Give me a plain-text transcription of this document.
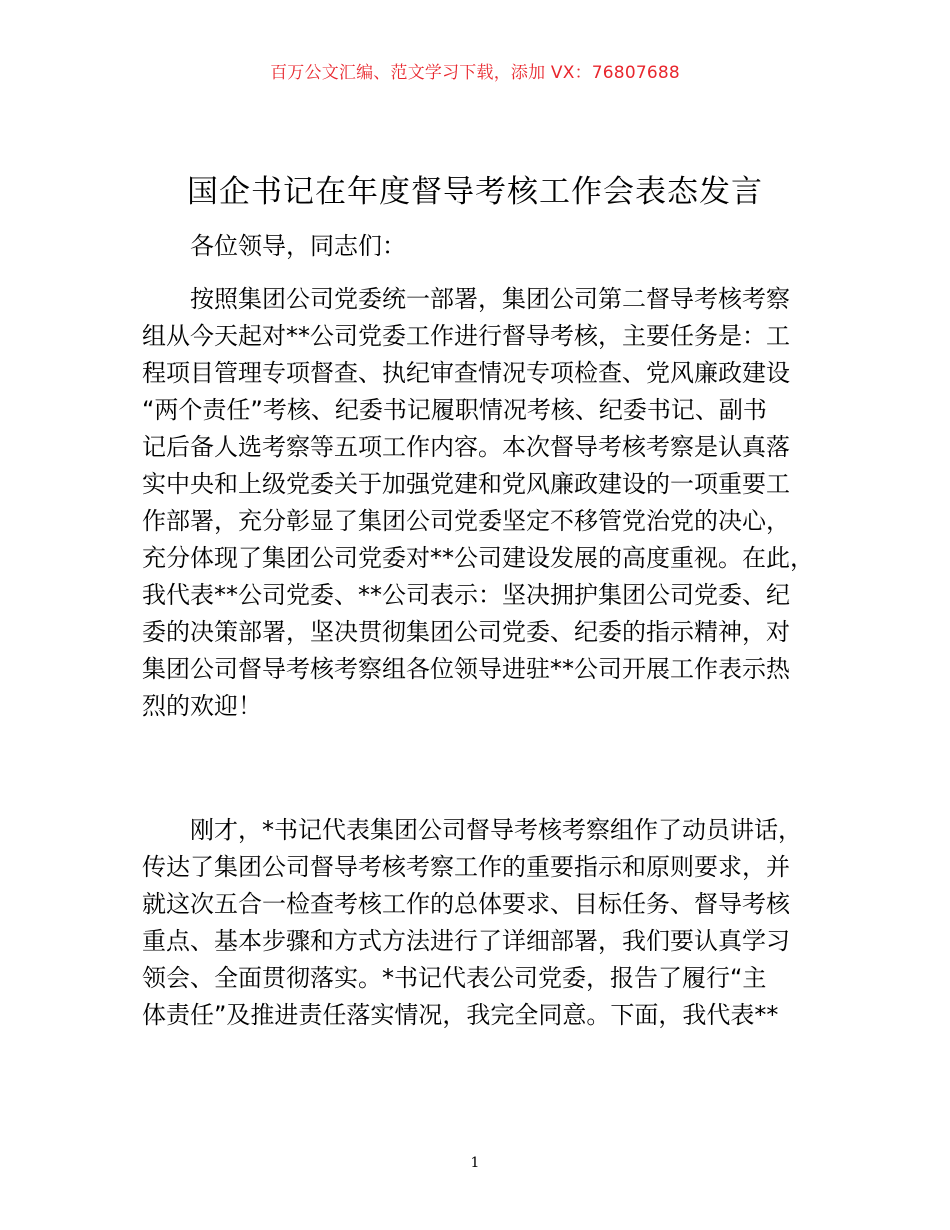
百万公文汇编、范文学习下载，添加 VX：76807688
国企书记在年度督导考核工作会表态发言
各位领导，同志们：
按照集团公司党委统一部署，集团公司第二督导考核考察
组从今天起对**公司党委工作进行督导考核，主要任务是：工
程项目管理专项督查、执纪审查情况专项检查、党风廉政建设
“两个责任”考核、纪委书记履职情况考核、纪委书记、副书
记后备人选考察等五项工作内容。本次督导考核考察是认真落
实中央和上级党委关于加强党建和党风廉政建设的一项重要工
作部署，充分彰显了集团公司党委坚定不移管党治党的决心，
充分体现了集团公司党委对**公司建设发展的高度重视。在此，
我代表**公司党委、**公司表示：坚决拥护集团公司党委、纪
委的决策部署，坚决贯彻集团公司党委、纪委的指示精神，对
集团公司督导考核考察组各位领导进驻**公司开展工作表示热
烈的欢迎！
刚才，*书记代表集团公司督导考核考察组作了动员讲话，
传达了集团公司督导考核考察工作的重要指示和原则要求，并
就这次五合一检查考核工作的总体要求、目标任务、督导考核
重点、基本步骤和方式方法进行了详细部署，我们要认真学习
领会、全面贯彻落实。*书记代表公司党委，报告了履行“主
体责任”及推进责任落实情况，我完全同意。下面，我代表**
1
